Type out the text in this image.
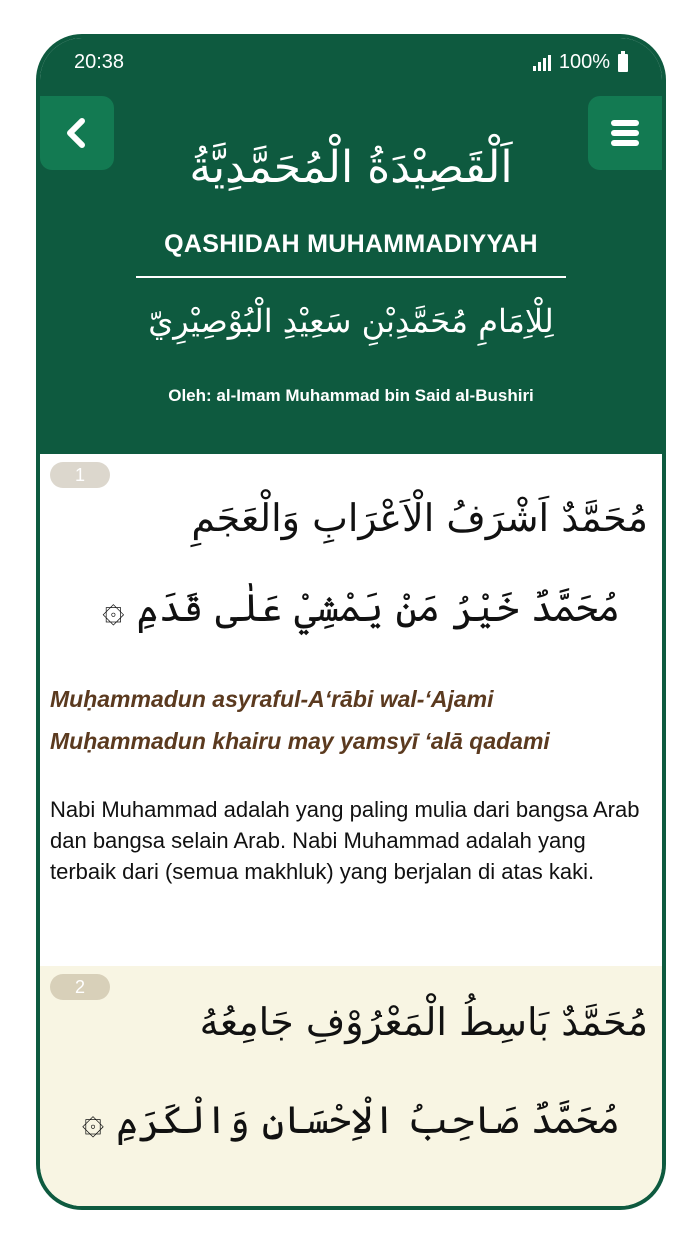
20:38	100%
اَلْقَصِيْدَةُ الْمُحَمَّدِيَّةُ
QASHIDAH MUHAMMADIYYAH
لِلْاِمَامِ مُحَمَّدِبْنِ سَعِيْدِ الْبُوْصِيْرِيّ
Oleh: al-Imam Muhammad bin Said al-Bushiri
1
مُحَمَّدٌ اَشْرَفُ الْاَعْرَابِ وَالْعَجَمِ
مُحَمَّدٌ خَيْرُ مَنْ يَمْشِيْ عَلٰى قَدَمِ ۞
Muḥammadun asyraful-A‘rābi wal-‘Ajami
Muḥammadun khairu may yamsyī ‘alā qadami
Nabi Muhammad adalah yang paling mulia dari bangsa Arab dan bangsa selain Arab. Nabi Muhammad adalah yang terbaik dari (semua makhluk) yang berjalan di atas kaki.
2
مُحَمَّدٌ بَاسِطُ الْمَعْرُوْفِ جَامِعُهُ
مُحَمَّدٌ صَاحِبُ الْاِحْسَانِ وَالْكَرَمِ ۞
